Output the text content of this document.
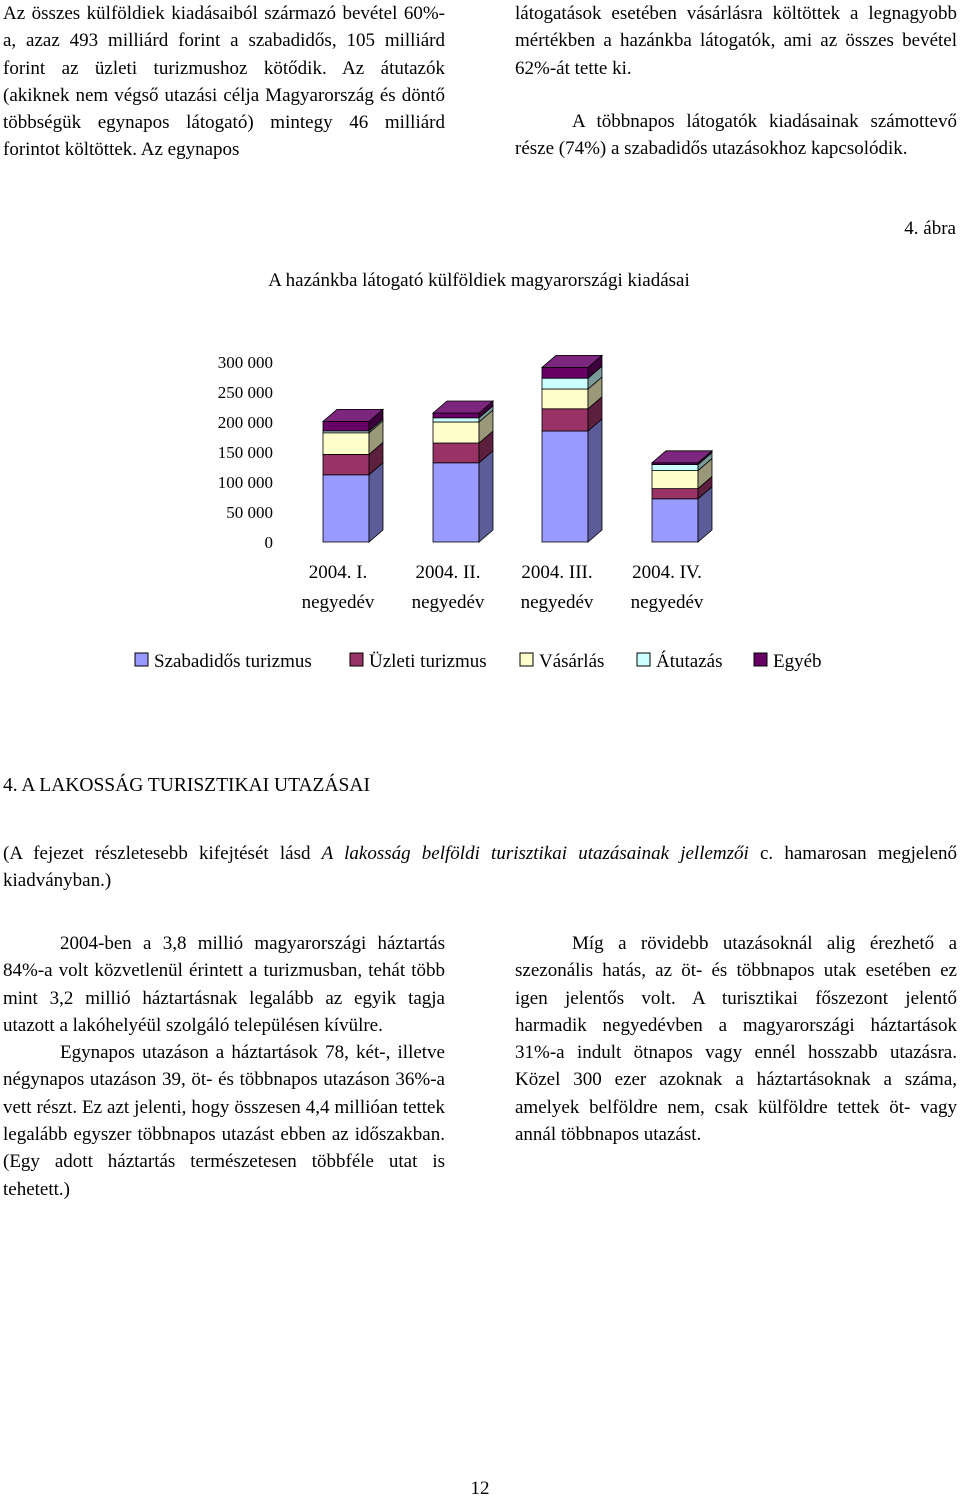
Az összes külföldiek kiadásaiból származó bevétel 60%-a, azaz 493 milliárd forint a szabadidős, 105 milliárd forint az üzleti turizmushoz kötődik. Az átutazók (akiknek nem végső utazási célja Magyarország és döntő többségük egynapos látogató) mintegy 46 milliárd forintot költöttek. Az egynapos

látogatások esetében vásárlásra költöttek a legnagyobb mértékben a hazánkba látogatók, ami az összes bevétel 62%-át tette ki.

A többnapos látogatók kiadásainak számottevő része (74%) a szabadidős utazásokhoz kapcsolódik.

4. ábra
A hazánkba látogató külföldiek magyarországi kiadásai
300 000
250 000
200 000
150 000
100 000
50 000
0
2004. I.
negyedév
2004. II.
negyedév
2004. III.
negyedév
2004. IV.
negyedév
Szabadidős turizmus	Üzleti turizmus	Vásárlás	Átutazás	Egyéb
4. A LAKOSSÁG TURISZTIKAI UTAZÁSAI
(A fejezet részletesebb kifejtését lásd A lakosság belföldi turisztikai utazásainak jellemzői c. hamarosan megjelenő kiadványban.)

2004-ben a 3,8 millió magyarországi háztartás 84%-a volt közvetlenül érintett a turizmusban, tehát több mint 3,2 millió háztartásnak legalább az egyik tagja utazott a lakóhelyéül szolgáló településen kívülre.

Egynapos utazáson a háztartások 78, két-, illetve négynapos utazáson 39, öt- és többnapos utazáson 36%-a vett részt. Ez azt jelenti, hogy összesen 4,4 millióan tettek legalább egyszer többnapos utazást ebben az időszakban. (Egy adott háztartás természetesen többféle utat is tehetett.)

Míg a rövidebb utazásoknál alig érezhető a szezonális hatás, az öt- és többnapos utak esetében ez igen jelentős volt. A turisztikai főszezont jelentő harmadik negyedévben a magyarországi háztartások 31%-a indult ötnapos vagy ennél hosszabb utazásra. Közel 300 ezer azoknak a háztartásoknak a száma, amelyek belföldre nem, csak külföldre tettek öt- vagy annál többnapos utazást.

12
